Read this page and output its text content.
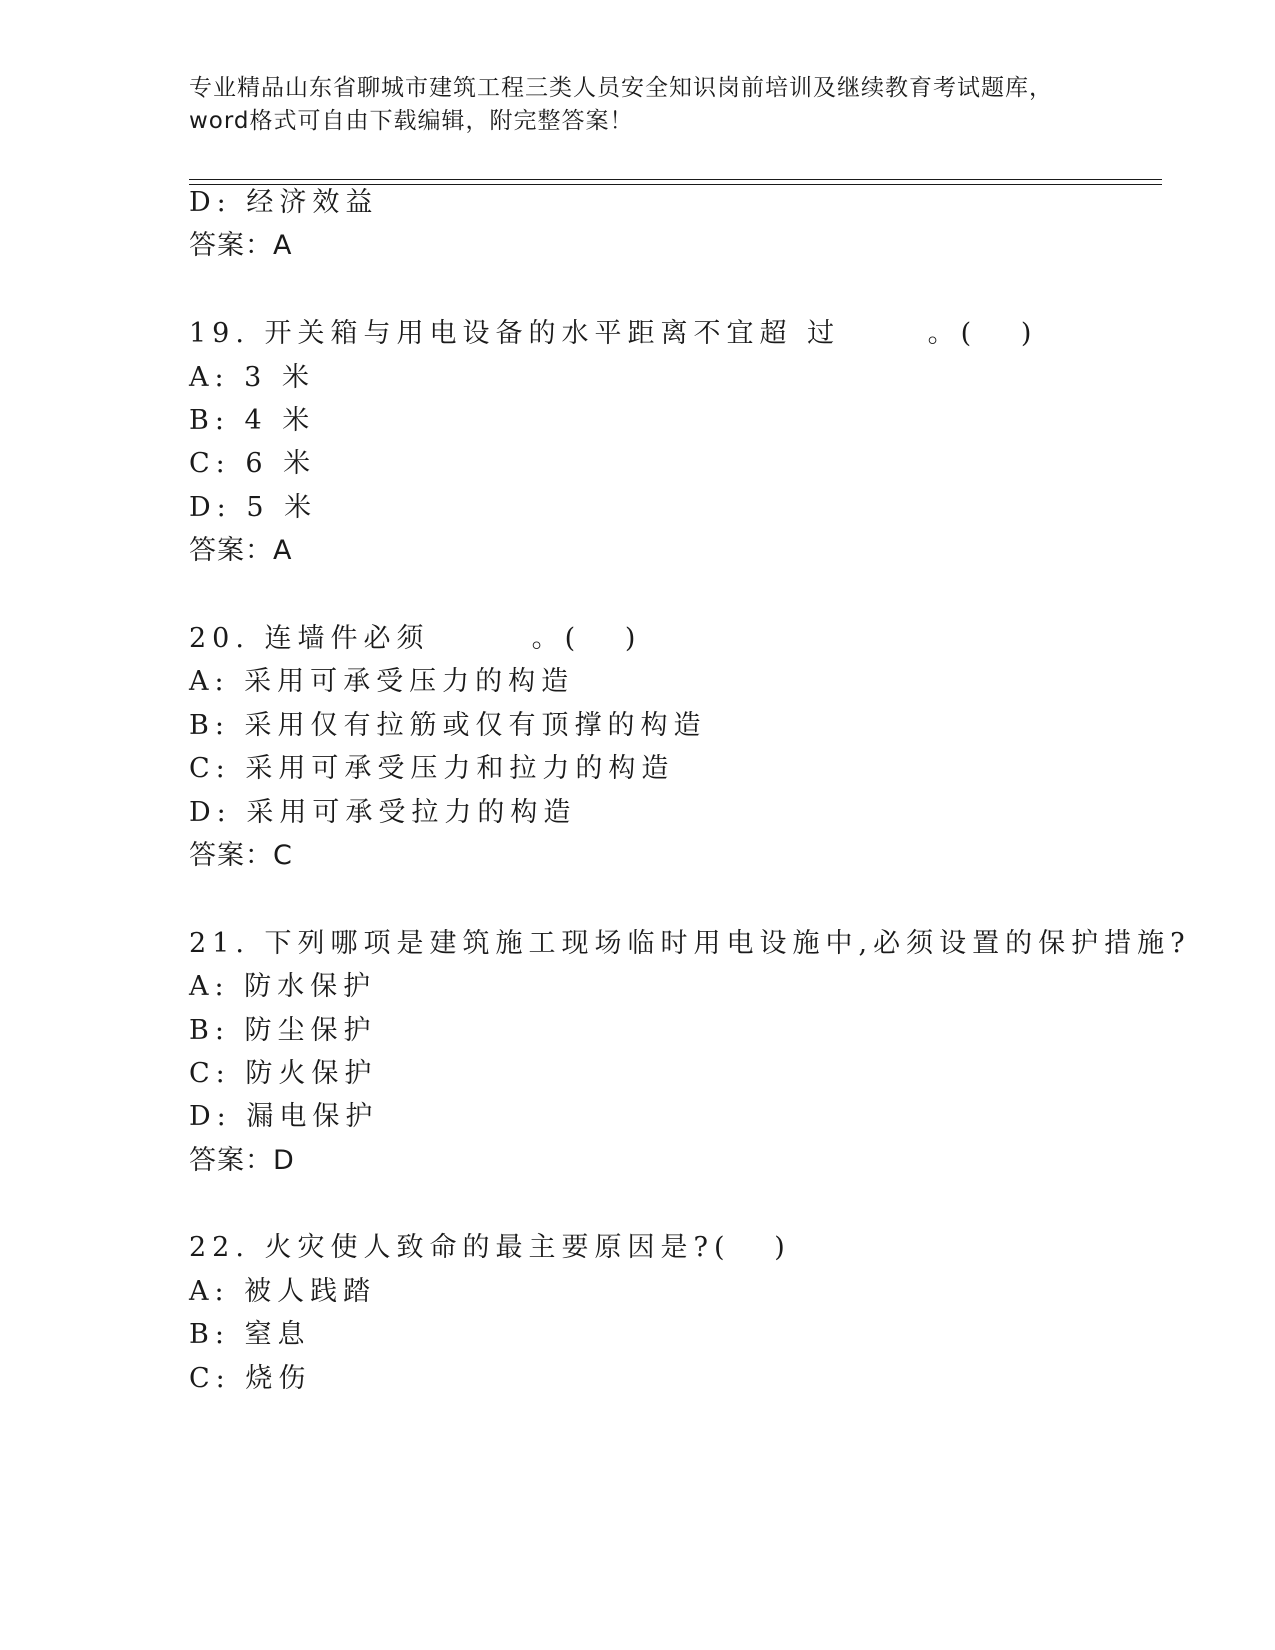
专业精品山东省聊城市建筑工程三类人员安全知识岗前培训及继续教育考试题库，
word格式可自由下载编辑，附完整答案！
D: 经济效益
答案：A
19. 开关箱与用电设备的水平距离不宜超 过      。(   )
A: 3 米
B: 4 米
C: 6 米
D: 5 米
答案：A
20. 连墙件必须       。(   )
A: 采用可承受压力的构造
B: 采用仅有拉筋或仅有顶撑的构造
C: 采用可承受压力和拉力的构造
D: 采用可承受拉力的构造
答案：C
21. 下列哪项是建筑施工现场临时用电设施中,必须设置的保护措施?
A: 防水保护
B: 防尘保护
C: 防火保护
D: 漏电保护
答案：D
22. 火灾使人致命的最主要原因是?(   )
A: 被人践踏
B: 窒息
C: 烧伤
